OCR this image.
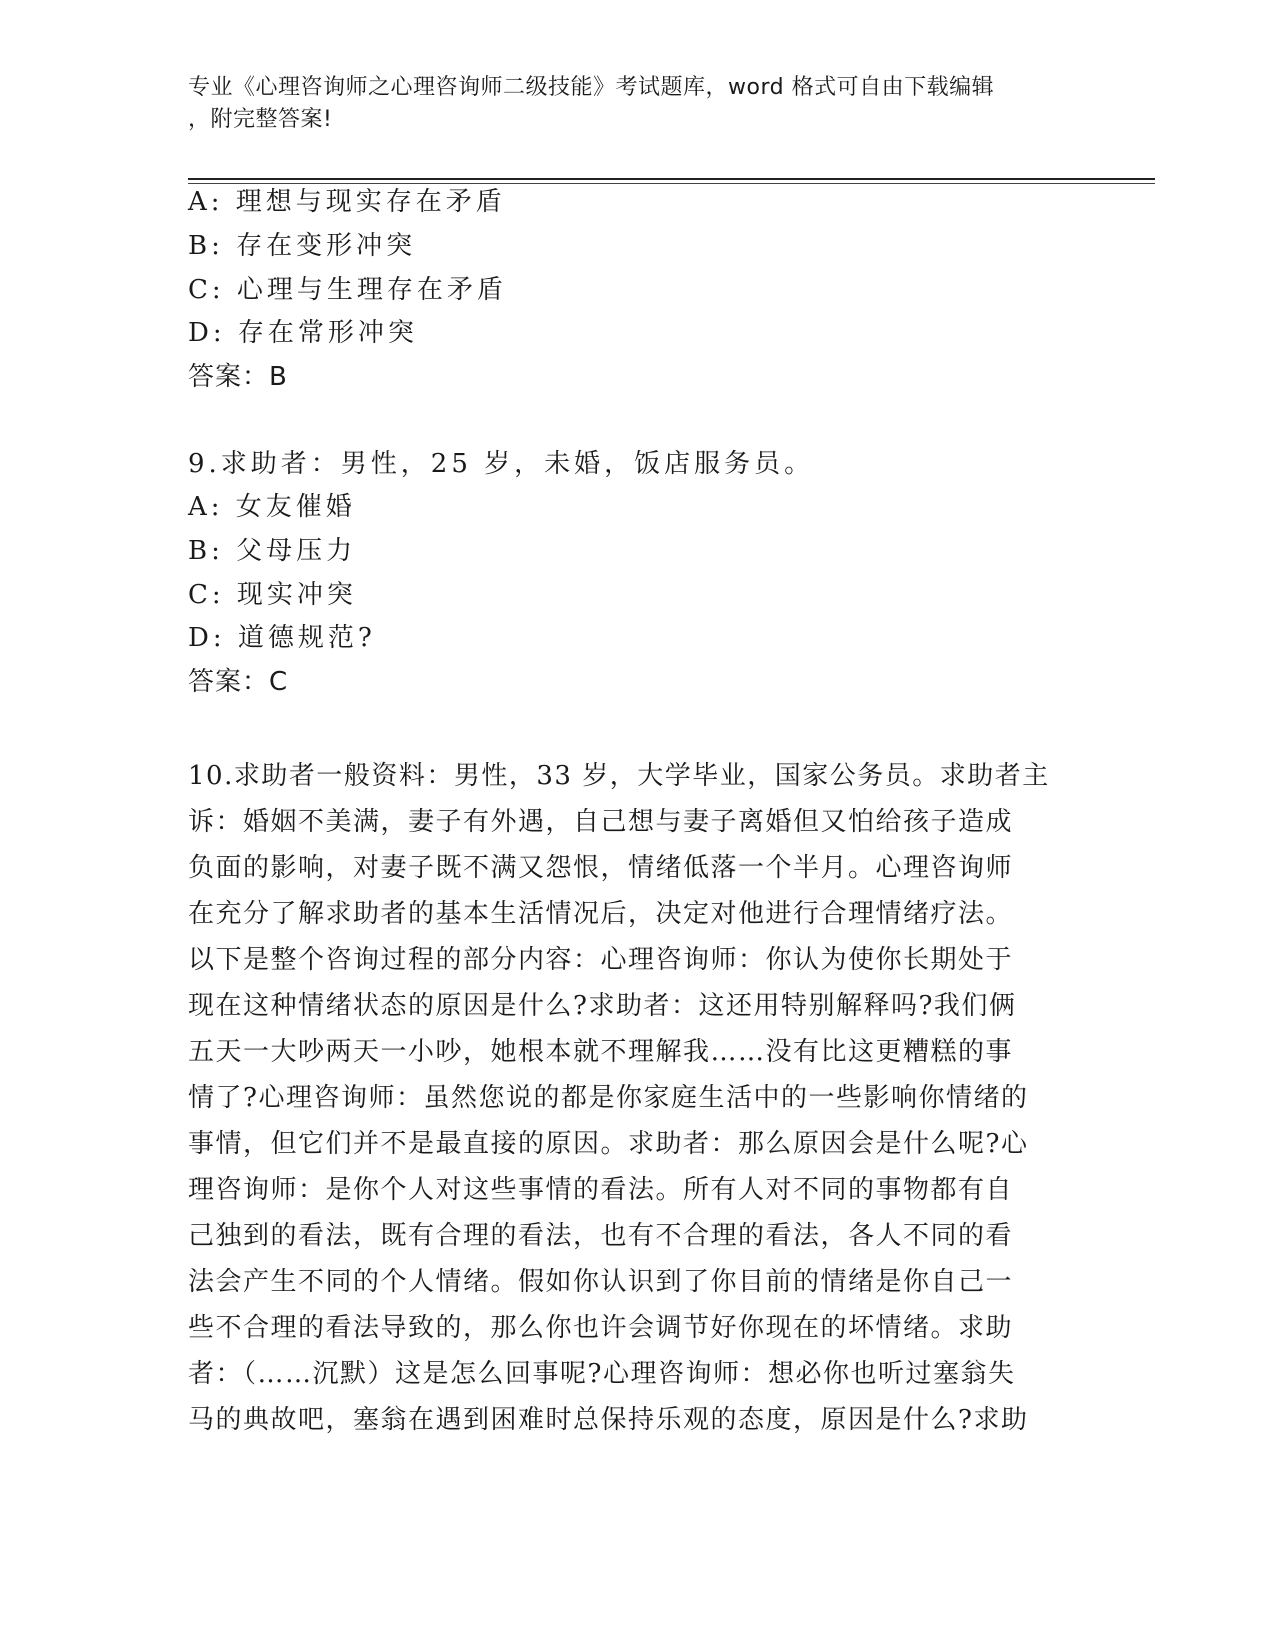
专业《心理咨询师之心理咨询师二级技能》考试题库，word 格式可自由下载编辑
，附完整答案!
A: 理想与现实存在矛盾
B: 存在变形冲突
C: 心理与生理存在矛盾
D: 存在常形冲突
答案：B
9.求助者：男性，25 岁，未婚，饭店服务员。
A: 女友催婚
B: 父母压力
C: 现实冲突
D: 道德规范?
答案：C
10.求助者一般资料：男性，33 岁，大学毕业，国家公务员。求助者主
诉：婚姻不美满，妻子有外遇，自己想与妻子离婚但又怕给孩子造成
负面的影响，对妻子既不满又怨恨，情绪低落一个半月。心理咨询师
在充分了解求助者的基本生活情况后，决定对他进行合理情绪疗法。
以下是整个咨询过程的部分内容：心理咨询师：你认为使你长期处于
现在这种情绪状态的原因是什么?求助者：这还用特别解释吗?我们俩
五天一大吵两天一小吵，她根本就不理解我……没有比这更糟糕的事
情了?心理咨询师：虽然您说的都是你家庭生活中的一些影响你情绪的
事情，但它们并不是最直接的原因。求助者：那么原因会是什么呢?心
理咨询师：是你个人对这些事情的看法。所有人对不同的事物都有自
己独到的看法，既有合理的看法，也有不合理的看法，各人不同的看
法会产生不同的个人情绪。假如你认识到了你目前的情绪是你自己一
些不合理的看法导致的，那么你也许会调节好你现在的坏情绪。求助
者：（……沉默）这是怎么回事呢?心理咨询师：想必你也听过塞翁失
马的典故吧，塞翁在遇到困难时总保持乐观的态度，原因是什么?求助
